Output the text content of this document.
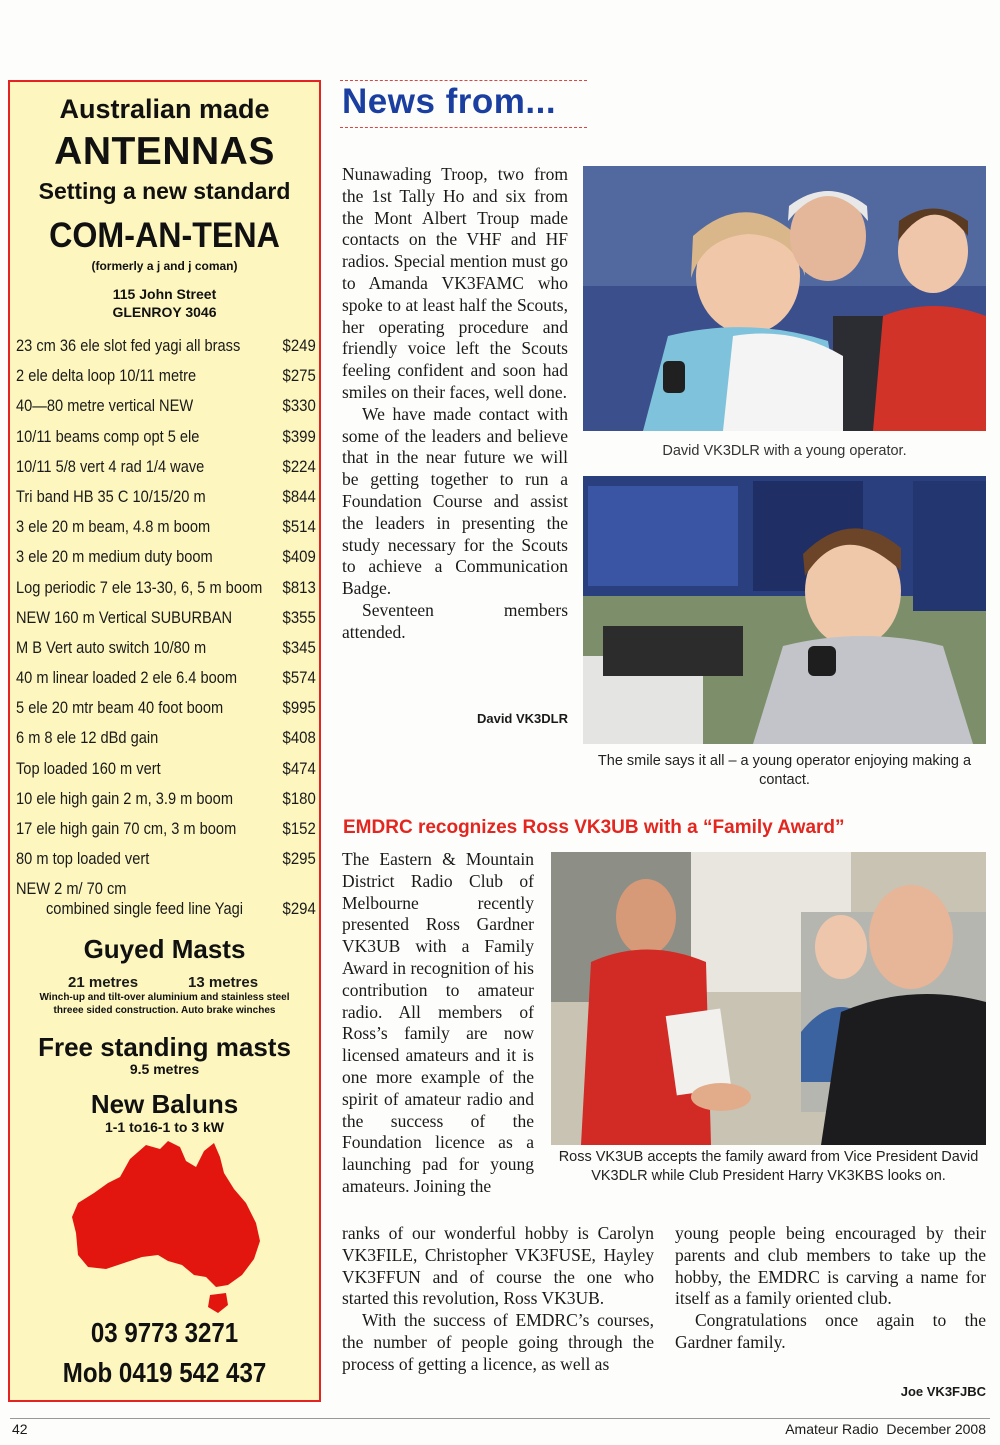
Australian made
ANTENNAS
Setting a new standard
COM-AN-TENA
(formerly a j and j coman)
115 John Street
GLENROY 3046
23 cm 36 ele slot fed yagi all brass $249
2 ele delta loop 10/11 metre	$275
40—80 metre vertical NEW	$330
10/11 beams comp opt 5 ele	$399
10/11 5/8 vert 4 rad 1/4 wave	$224
Tri band HB 35 C 10/15/20 m	$844
3 ele 20 m beam, 4.8 m boom	$514
3 ele 20 m medium duty boom	$409
Log periodic 7 ele 13-30, 6, 5 m boom $813
NEW 160 m Vertical SUBURBAN	$355
M B Vert auto switch 10/80 m	$345
40 m linear loaded 2 ele 6.4 boom	$574
5 ele 20 mtr beam 40 foot boom	$995
6 m 8 ele 12 dBd gain	$408
Top loaded 160 m vert	$474
10 ele high gain 2 m, 3.9 m boom	$180
17 ele high gain 70 cm, 3 m boom	$152
80 m top loaded vert	$295
NEW 2 m/ 70 cm
combined single feed line Yagi $294
Guyed Masts
21 metres	13 metres
Winch-up and tilt-over aluminium and stainless steel
threee sided construction. Auto brake winches
Free standing masts
9.5 metres
New Baluns
1-1 to16-1 to 3 kW
03 9773 3271
Mob 0419 542 437
News from...

Nunawading Troop, two from the 1st Tally Ho and six from the Mont Albert Troup made contacts on the VHF and HF radios. Special mention must go to Amanda VK3FAMC who spoke to at least half the Scouts, her operating procedure and friendly voice left the Scouts feeling confident and soon had smiles on their faces, well done.

We have made contact with some of the leaders and believe that in the near future we will be getting together to run a Foundation Course and assist the leaders in presenting the study necessary for the Scouts to achieve a Communication Badge.

Seventeen members attended.

David VK3DLR
David VK3DLR with a young operator.
The smile says it all – a young operator enjoying making a contact.
EMDRC recognizes Ross VK3UB with a “Family Award”

The Eastern & Mountain District Radio Club of Melbourne recently presented Ross Gardner VK3UB with a Family Award in recognition of his contribution to amateur radio. All members of Ross’s family are now licensed amateurs and it is one more example of the spirit of amateur radio and the success of the Foundation licence as a launching pad for young amateurs. Joining the

Ross VK3UB accepts the family award from Vice President David VK3DLR while Club President Harry VK3KBS looks on.

ranks of our wonderful hobby is Carolyn VK3FILE, Christopher VK3FUSE, Hayley VK3FFUN and of course the one who started this revolution, Ross VK3UB.

With the success of EMDRC’s courses, the number of people going through the process of getting a licence, as well as

young people being encouraged by their parents and club members to take up the hobby, the EMDRC is carving a name for itself as a family oriented club.

Congratulations once again to the Gardner family.

Joe VK3FJBC
42	Amateur Radio  December 2008
